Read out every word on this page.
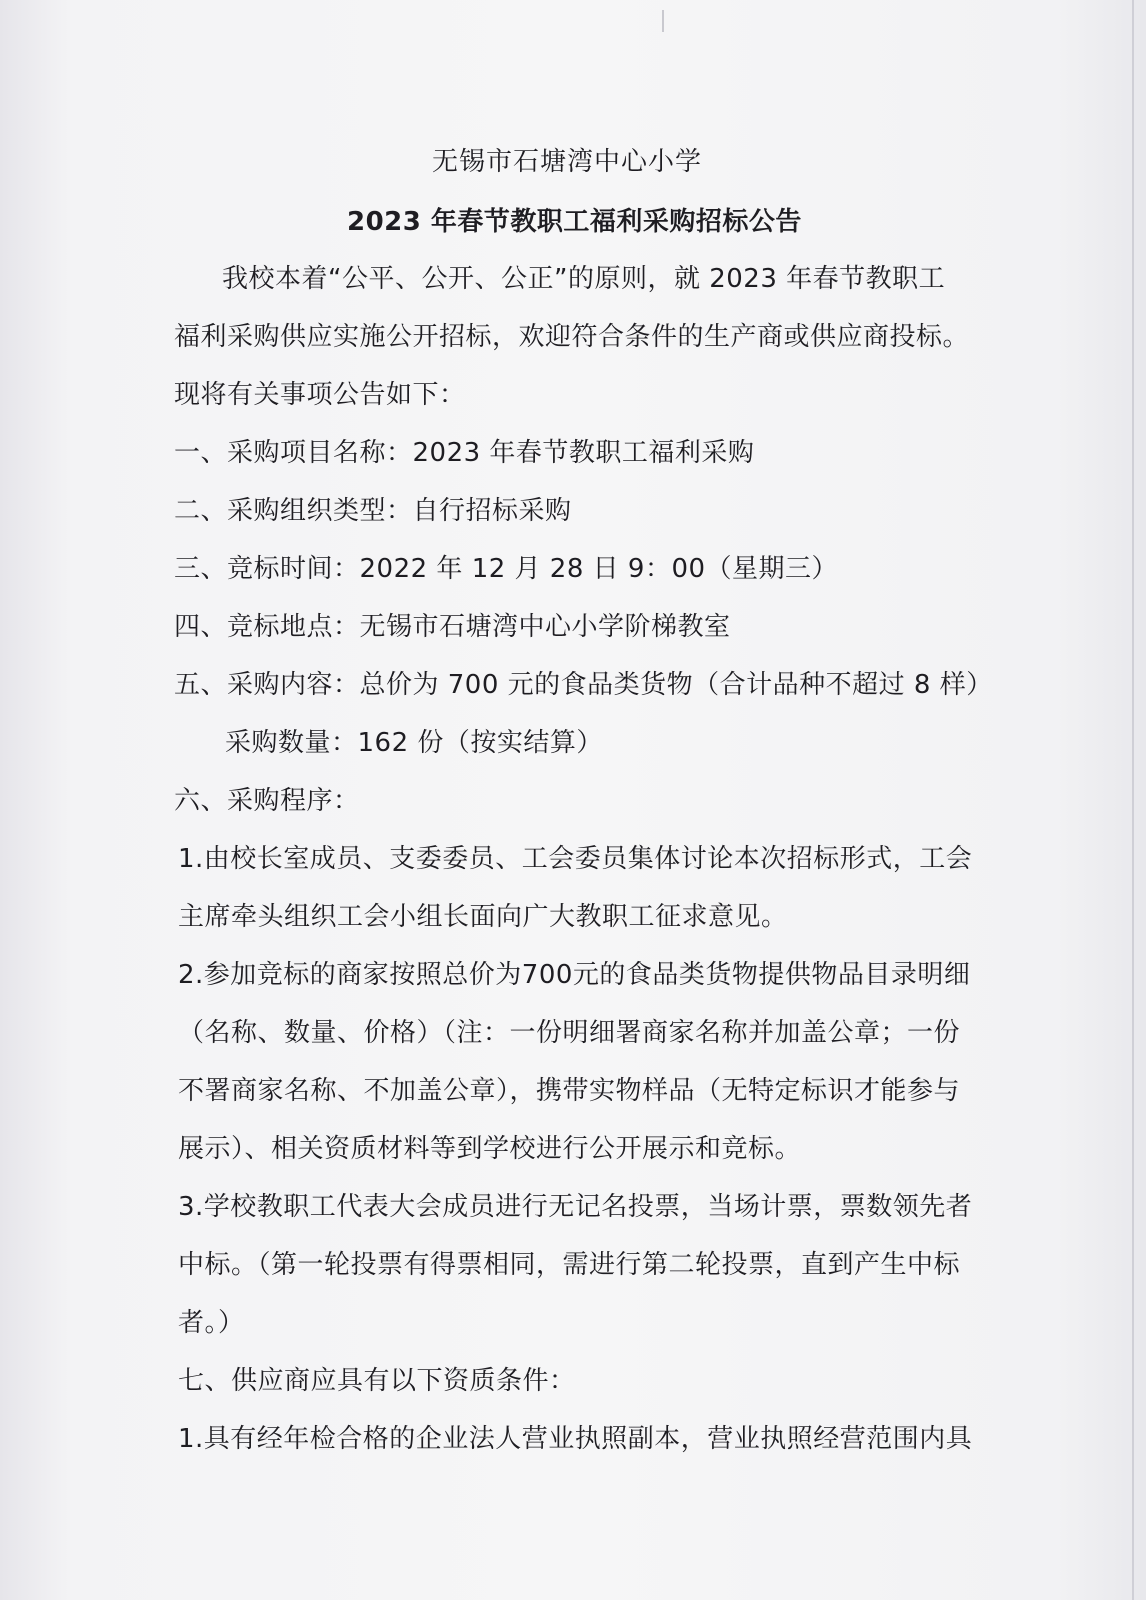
无锡市石塘湾中心小学
2023 年春节教职工福利采购招标公告
我校本着“公平、公开、公正”的原则，就 2023 年春节教职工
福利采购供应实施公开招标，欢迎符合条件的生产商或供应商投标。
现将有关事项公告如下：
一、采购项目名称：2023 年春节教职工福利采购
二、采购组织类型：自行招标采购
三、竞标时间：2022 年 12 月 28 日 9：00（星期三）
四、竞标地点：无锡市石塘湾中心小学阶梯教室
五、采购内容：总价为 700 元的食品类货物（合计品种不超过 8 样）
采购数量：162 份（按实结算）
六、采购程序：
1.由校长室成员、支委委员、工会委员集体讨论本次招标形式，工会
主席牵头组织工会小组长面向广大教职工征求意见。
2.参加竞标的商家按照总价为700元的食品类货物提供物品目录明细
（名称、数量、价格）（注：一份明细署商家名称并加盖公章；一份
不署商家名称、不加盖公章），携带实物样品（无特定标识才能参与
展示）、相关资质材料等到学校进行公开展示和竞标。
3.学校教职工代表大会成员进行无记名投票，当场计票，票数领先者
中标。（第一轮投票有得票相同，需进行第二轮投票，直到产生中标
者。）
七、供应商应具有以下资质条件：
1.具有经年检合格的企业法人营业执照副本，营业执照经营范围内具
